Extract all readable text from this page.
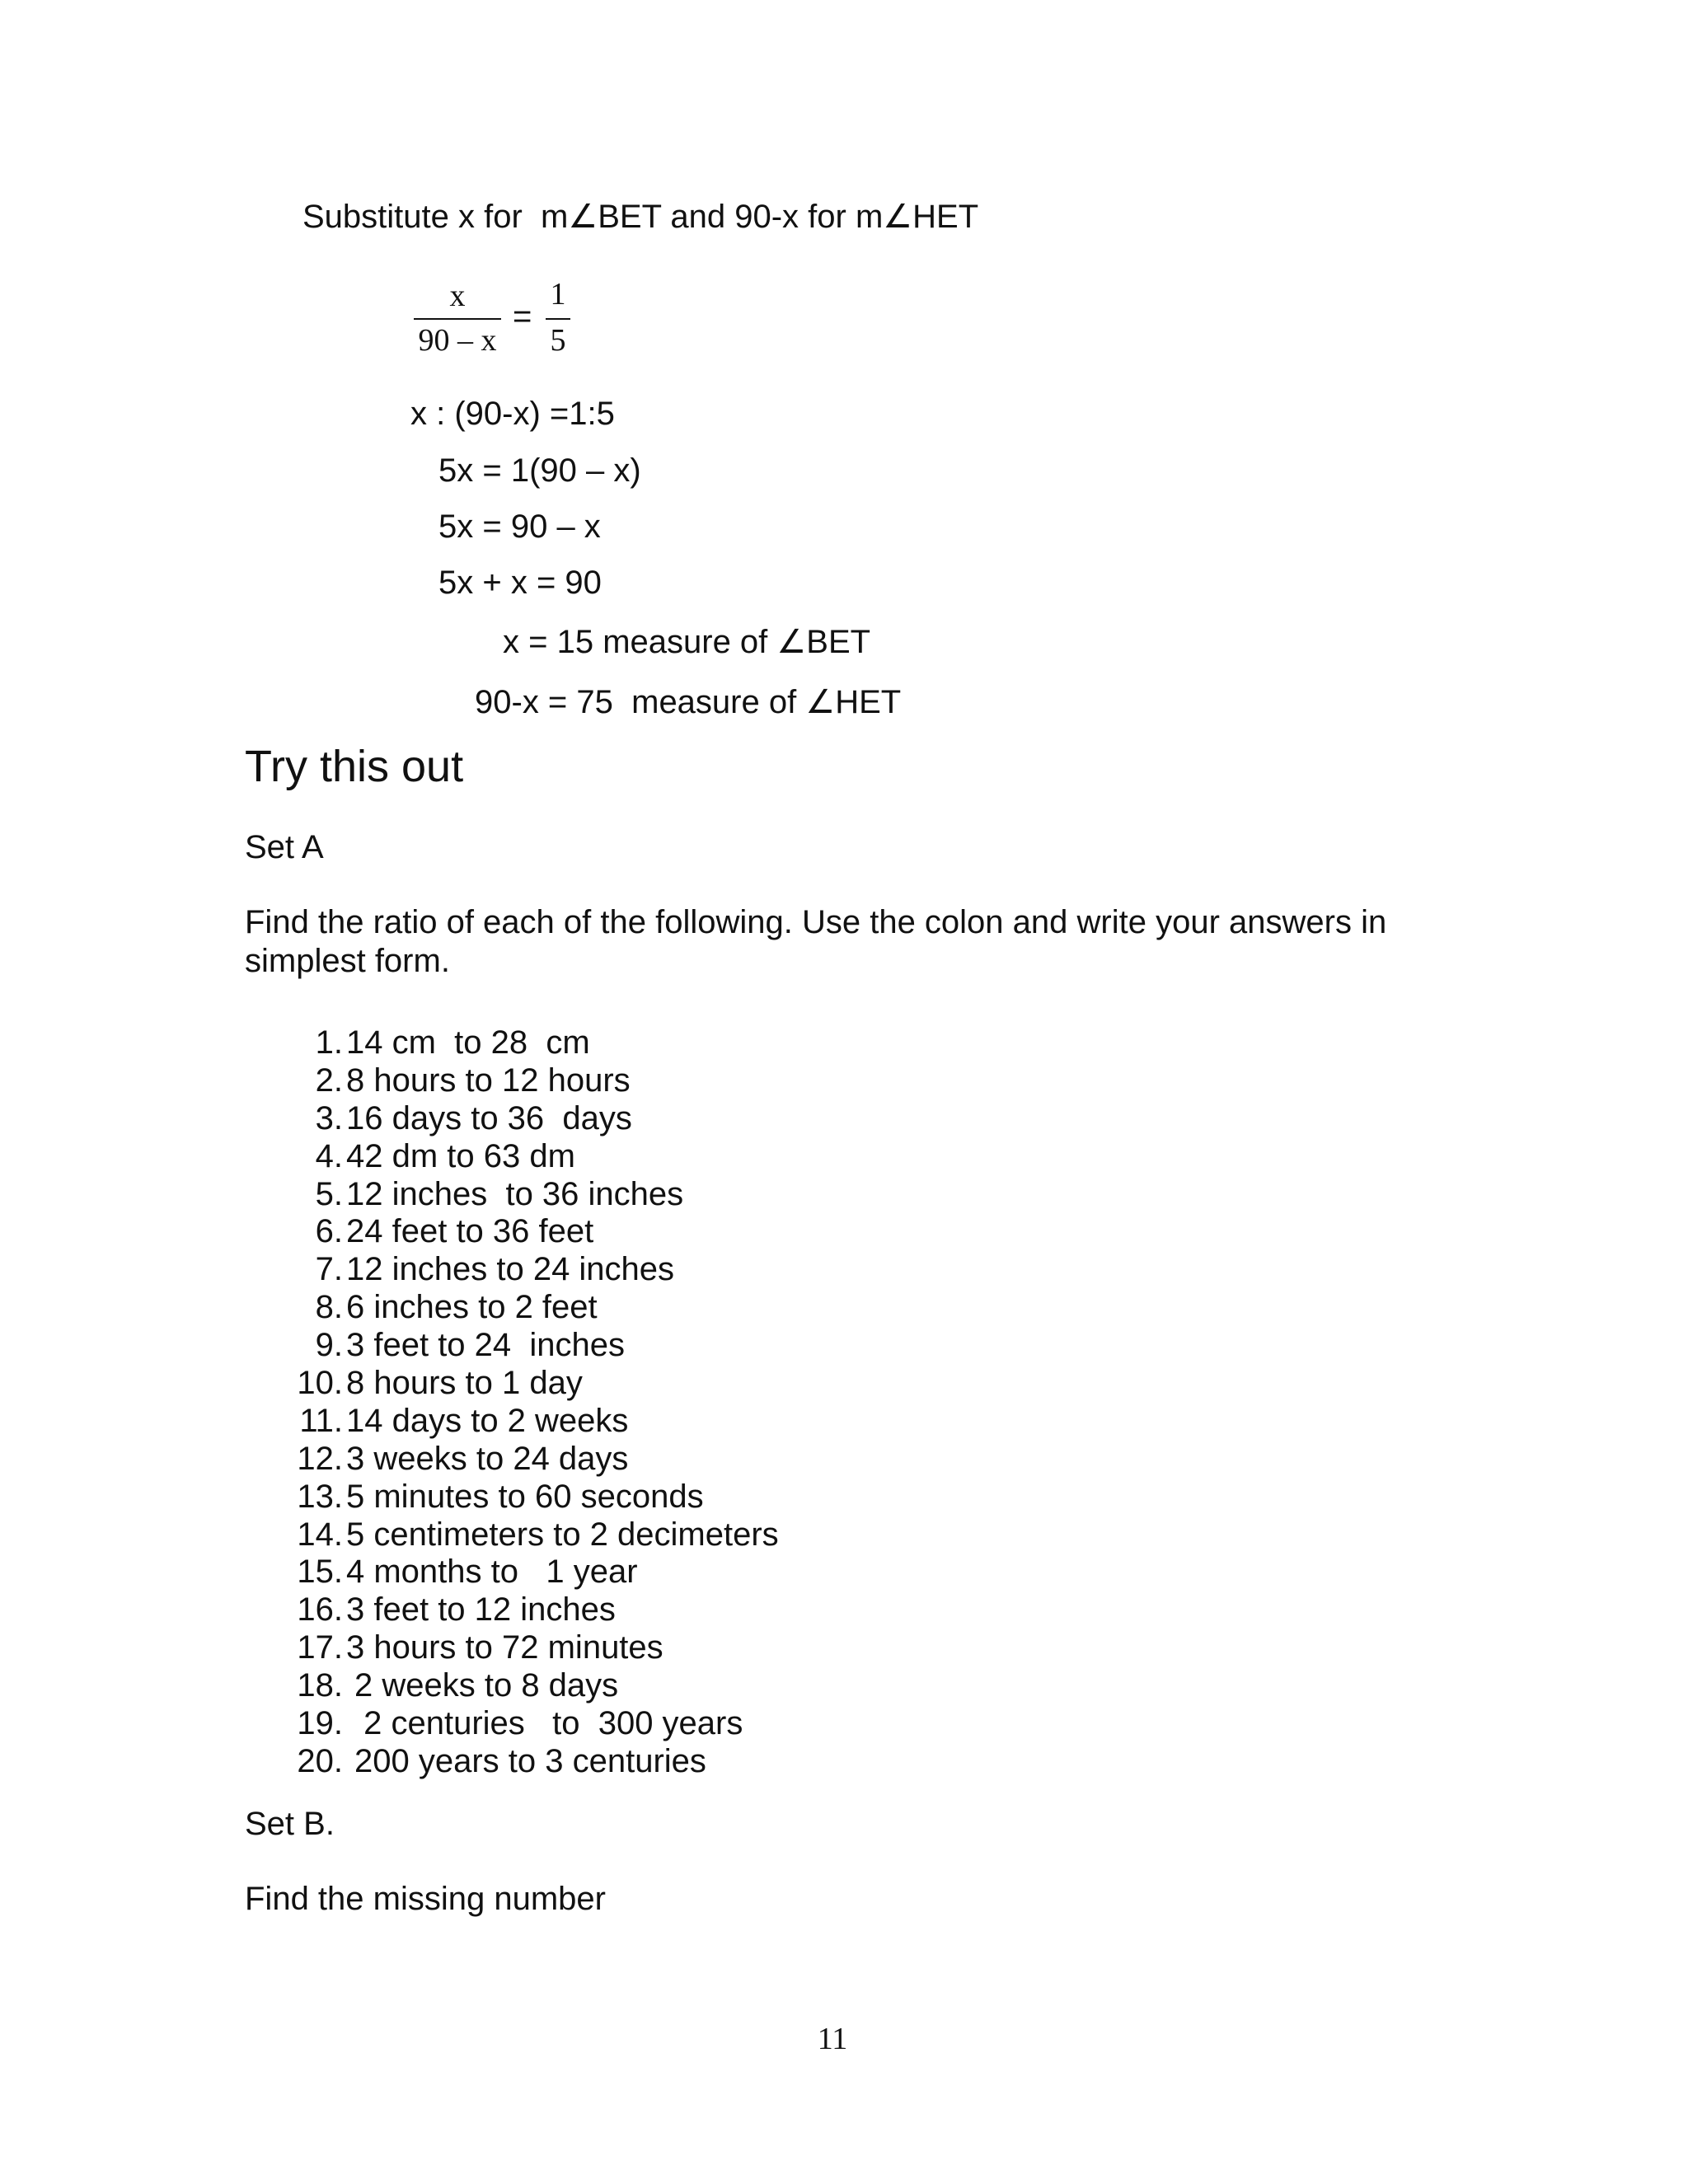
Substitute x for  m∠BET and 90-x for m∠HET
x
90 – x
=
1
5
x : (90-x) =1:5
5x = 1(90 – x)
5x = 90 – x
5x + x = 90
x = 15 measure of ∠BET
90-x = 75  measure of ∠HET
Try this out
Set A
Find the ratio of each of the following. Use the colon and write your answers in
simplest form.
1. 14 cm  to 28  cm
2. 8 hours to 12 hours
3. 16 days to 36  days
4. 42 dm to 63 dm
5. 12 inches  to 36 inches
6. 24 feet to 36 feet
7. 12 inches to 24 inches
8. 6 inches to 2 feet
9. 3 feet to 24  inches
10. 8 hours to 1 day
11. 14 days to 2 weeks
12. 3 weeks to 24 days
13. 5 minutes to 60 seconds
14. 5 centimeters to 2 decimeters
15. 4 months to   1 year
16. 3 feet to 12 inches
17. 3 hours to 72 minutes
18. 2 weeks to 8 days
19. 2 centuries   to  300 years
20. 200 years to 3 centuries
Set B.
Find the missing number
11
